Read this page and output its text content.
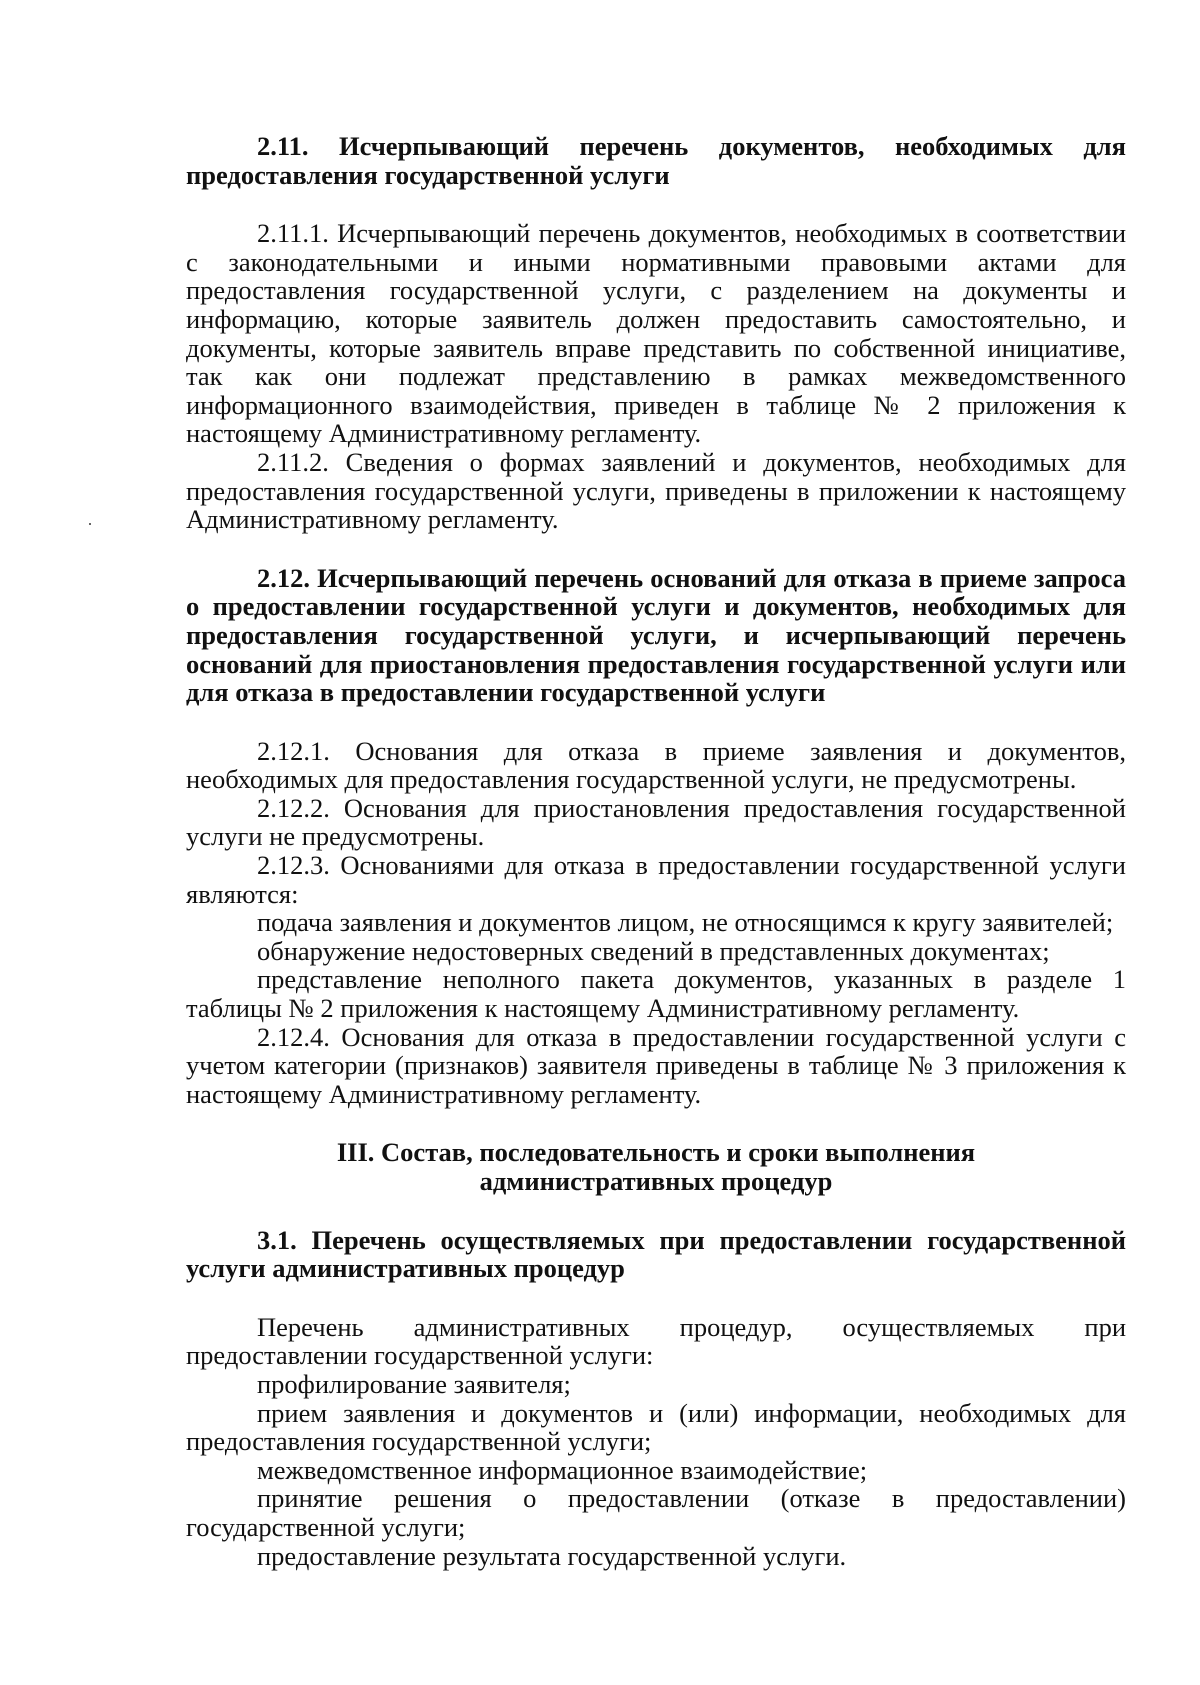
2.11. Исчерпывающий перечень документов, необходимых для предоставления государственной услуги

2.11.1. Исчерпывающий перечень документов, необходимых в соответствии с законодательными и иными нормативными правовыми актами для предоставления государственной услуги, с разделением на документы и информацию, которые заявитель должен предоставить самостоятельно, и документы, которые заявитель вправе представить по собственной инициативе, так как они подлежат представлению в рамках межведомственного информационного взаимодействия, приведен в таблице № 2 приложения к настоящему Административному регламенту.

2.11.2. Сведения о формах заявлений и документов, необходимых для предоставления государственной услуги, приведены в приложении к настоящему Административному регламенту.

2.12. Исчерпывающий перечень оснований для отказа в приеме запроса о предоставлении государственной услуги и документов, необходимых для предоставления государственной услуги, и исчерпывающий перечень оснований для приостановления предоставления государственной услуги или для отказа в предоставлении государственной услуги

2.12.1. Основания для отказа в приеме заявления и документов, необходимых для предоставления государственной услуги, не предусмотрены.

2.12.2. Основания для приостановления предоставления государственной услуги не предусмотрены.

2.12.3. Основаниями для отказа в предоставлении государственной услуги являются:

подача заявления и документов лицом, не относящимся к кругу заявителей;

обнаружение недостоверных сведений в представленных документах;

представление неполного пакета документов, указанных в разделе 1 таблицы № 2 приложения к настоящему Административному регламенту.

2.12.4. Основания для отказа в предоставлении государственной услуги с учетом категории (признаков) заявителя приведены в таблице № 3 приложения к настоящему Административному регламенту.

III. Состав, последовательность и сроки выполнения

административных процедур

3.1. Перечень осуществляемых при предоставлении государственной услуги административных процедур

Перечень административных процедур, осуществляемых при предоставлении государственной услуги:

профилирование заявителя;

прием заявления и документов и (или) информации, необходимых для предоставления государственной услуги;

межведомственное информационное взаимодействие;

принятие решения о предоставлении (отказе в предоставлении) государственной услуги;

предоставление результата государственной услуги.
